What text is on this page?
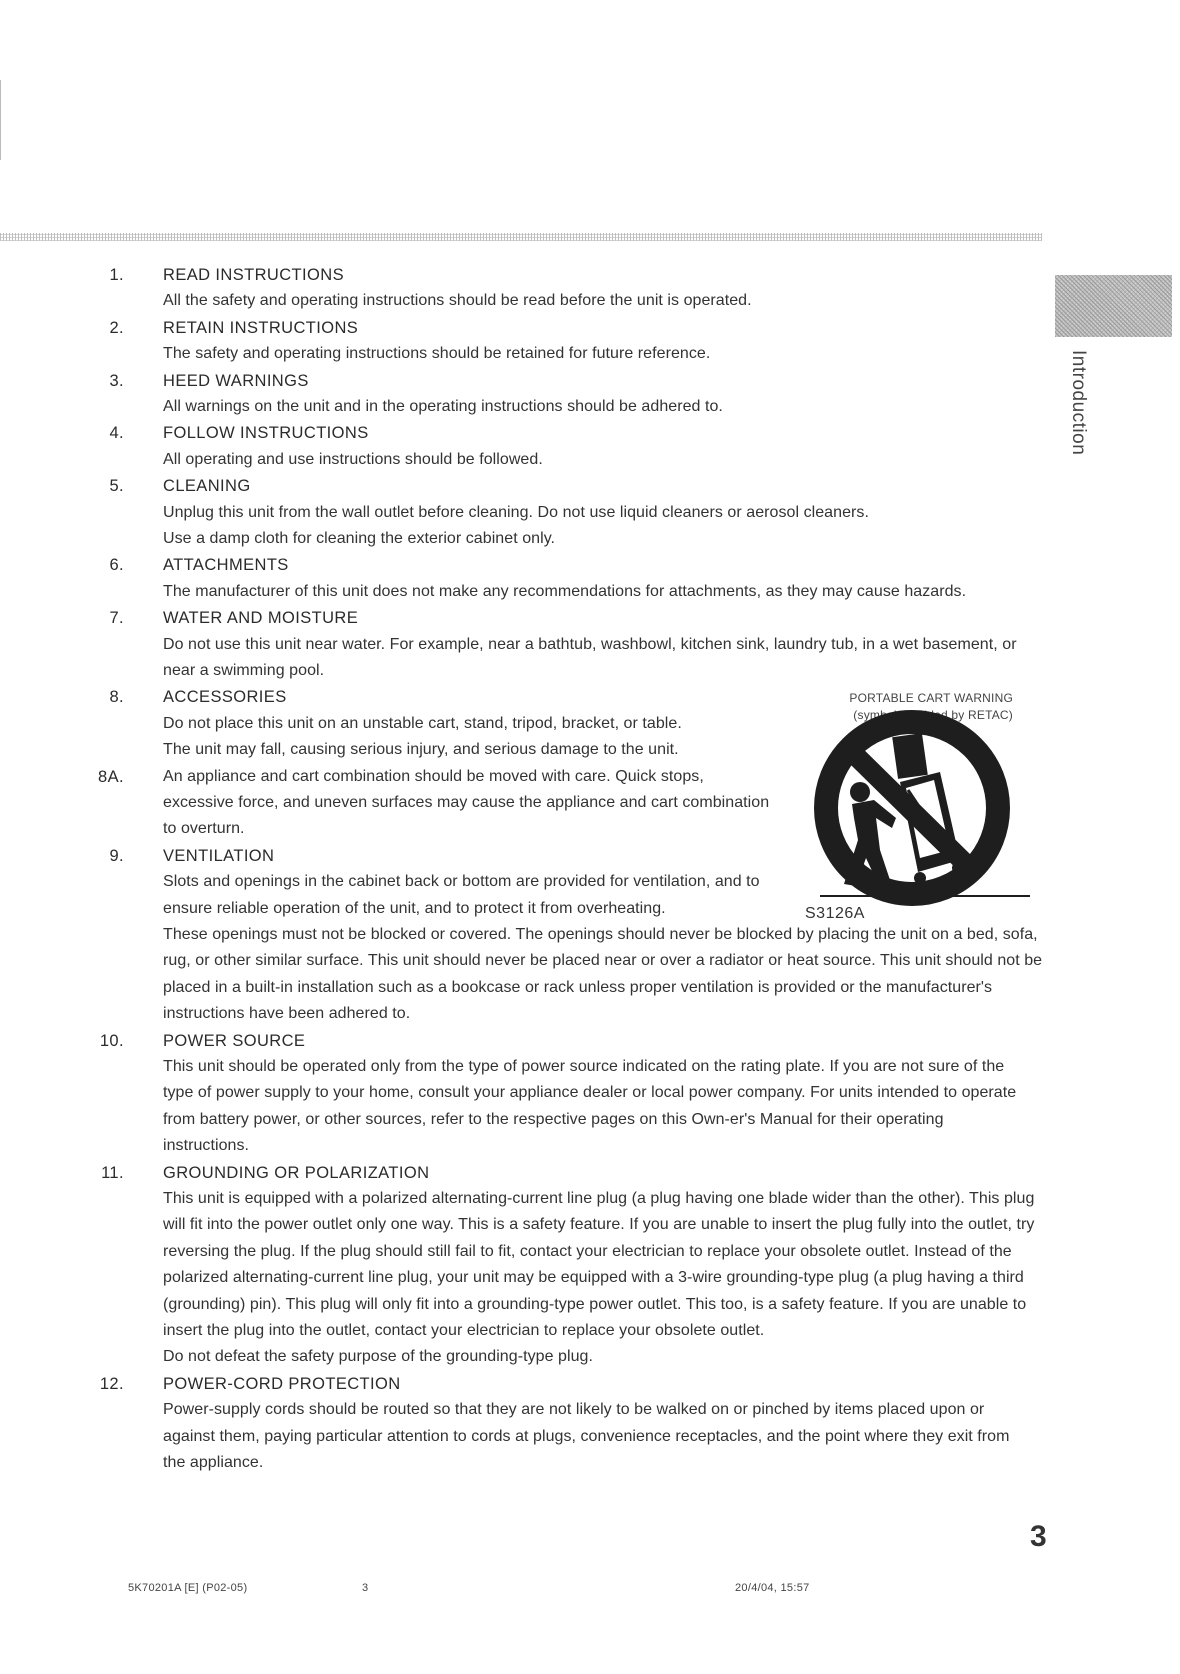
Introduction
1. READ INSTRUCTIONS
All the safety and operating instructions should be read before the unit is operated.
2. RETAIN INSTRUCTIONS
The safety and operating instructions should be retained for future reference.
3. HEED WARNINGS
All warnings on the unit and in the operating instructions should be adhered to.
4. FOLLOW INSTRUCTIONS
All operating and use instructions should be followed.
5. CLEANING
Unplug this unit from the wall outlet before cleaning. Do not use liquid cleaners or aerosol cleaners.
Use a damp cloth for cleaning the exterior cabinet only.
6. ATTACHMENTS
The manufacturer of this unit does not make any recommendations for attachments, as they may cause hazards.
7. WATER AND MOISTURE
Do not use this unit near water. For example, near a bathtub, washbowl, kitchen sink, laundry tub, in a wet basement, or near a swimming pool.
8. ACCESSORIES
Do not place this unit on an unstable cart, stand, tripod, bracket, or table.
The unit may fall, causing serious injury, and serious damage to the unit.
8A. An appliance and cart combination should be moved with care. Quick stops, excessive force, and uneven surfaces may cause the appliance and cart combination to overturn.
9. VENTILATION
Slots and openings in the cabinet back or bottom are provided for ventilation, and to ensure reliable operation of the unit, and to protect it from overheating.
These openings must not be blocked or covered. The openings should never be blocked by placing the unit on a bed, sofa, rug, or other similar surface. This unit should never be placed near or over a radiator or heat source. This unit should not be placed in a built-in installation such as a bookcase or rack unless proper ventilation is provided or the manufacturer's instructions have been adhered to.
10. POWER SOURCE
This unit should be operated only from the type of power source indicated on the rating plate. If you are not sure of the type of power supply to your home, consult your appliance dealer or local power company. For units intended to operate from battery power, or other sources, refer to the respective pages on this Own-er's Manual for their operating instructions.
11. GROUNDING OR POLARIZATION
This unit is equipped with a polarized alternating-current line plug (a plug having one blade wider than the other). This plug will fit into the power outlet only one way. This is a safety feature. If you are unable to insert the plug fully into the outlet, try reversing the plug. If the plug should still fail to fit, contact your electrician to replace your obsolete outlet. Instead of the polarized alternating-current line plug, your unit may be equipped with a 3-wire grounding-type plug (a plug having a third (grounding) pin). This plug will only fit into a grounding-type power outlet. This too, is a safety feature. If you are unable to insert the plug into the outlet, contact your electrician to replace your obsolete outlet.
Do not defeat the safety purpose of the grounding-type plug.
12. POWER-CORD PROTECTION
Power-supply cords should be routed so that they are not likely to be walked on or pinched by items placed upon or against them, paying particular attention to cords at plugs, convenience receptacles, and the point where they exit from the appliance.
PORTABLE CART WARNING
(symbol provided by RETAC)
S3126A
3
5K70201A [E] (P02-05)	3	20/4/04, 15:57
